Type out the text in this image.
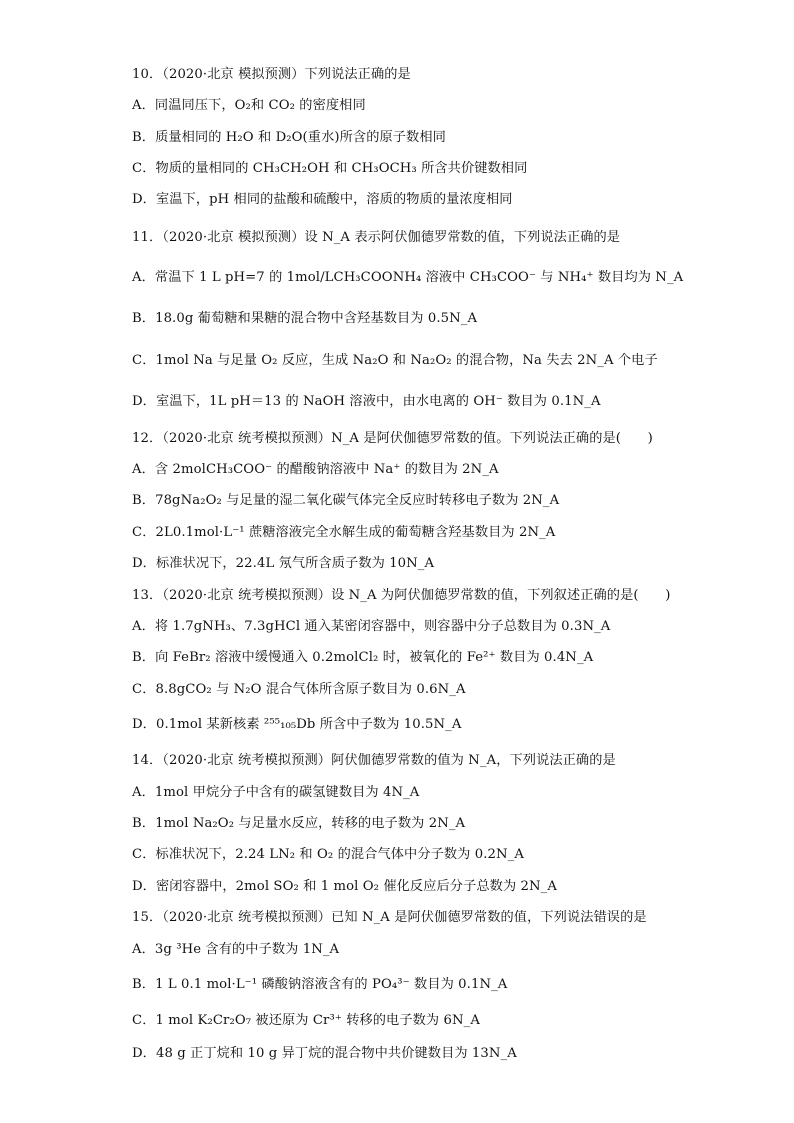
10．（2020·北京 模拟预测）下列说法正确的是
A．同温同压下，O₂和 CO₂ 的密度相同
B．质量相同的 H₂O 和 D₂O(重水)所含的原子数相同
C．物质的量相同的 CH₃CH₂OH 和 CH₃OCH₃ 所含共价键数相同
D．室温下，pH 相同的盐酸和硫酸中，溶质的物质的量浓度相同
11．（2020·北京 模拟预测）设 N_A 表示阿伏伽德罗常数的值，下列说法正确的是
A．常温下 1 L pH=7 的 1mol/LCH₃COONH₄ 溶液中 CH₃COO⁻ 与 NH₄⁺ 数目均为 N_A
B．18.0g 葡萄糖和果糖的混合物中含羟基数目为 0.5N_A
C．1mol Na 与足量 O₂ 反应，生成 Na₂O 和 Na₂O₂ 的混合物，Na 失去 2N_A 个电子
D．室温下，1L pH＝13 的 NaOH 溶液中，由水电离的 OH⁻ 数目为 0.1N_A
12．（2020·北京 统考模拟预测）N_A 是阿伏伽德罗常数的值。下列说法正确的是(　　)
A．含 2molCH₃COO⁻ 的醋酸钠溶液中 Na⁺ 的数目为 2N_A
B．78gNa₂O₂ 与足量的湿二氧化碳气体完全反应时转移电子数为 2N_A
C．2L0.1mol·L⁻¹ 蔗糖溶液完全水解生成的葡萄糖含羟基数目为 2N_A
D．标准状况下，22.4L 氖气所含质子数为 10N_A
13．（2020·北京 统考模拟预测）设 N_A 为阿伏伽德罗常数的值，下列叙述正确的是(　　)
A．将 1.7gNH₃、7.3gHCl 通入某密闭容器中，则容器中分子总数目为 0.3N_A
B．向 FeBr₂ 溶液中缓慢通入 0.2molCl₂ 时，被氧化的 Fe²⁺ 数目为 0.4N_A
C．8.8gCO₂ 与 N₂O 混合气体所含原子数目为 0.6N_A
D．0.1mol 某新核素 ²⁵⁵₁₀₅Db 所含中子数为 10.5N_A
14．（2020·北京 统考模拟预测）阿伏伽德罗常数的值为 N_A，下列说法正确的是
A．1mol 甲烷分子中含有的碳氢键数目为 4N_A
B．1mol Na₂O₂ 与足量水反应，转移的电子数为 2N_A
C．标准状况下，2.24 LN₂ 和 O₂ 的混合气体中分子数为 0.2N_A
D．密闭容器中，2mol SO₂ 和 1 mol O₂ 催化反应后分子总数为 2N_A
15．（2020·北京 统考模拟预测）已知 N_A 是阿伏伽德罗常数的值，下列说法错误的是
A．3g ³He 含有的中子数为 1N_A
B．1 L 0.1 mol·L⁻¹ 磷酸钠溶液含有的 PO₄³⁻ 数目为 0.1N_A
C．1 mol K₂Cr₂O₇ 被还原为 Cr³⁺ 转移的电子数为 6N_A
D．48 g 正丁烷和 10 g 异丁烷的混合物中共价键数目为 13N_A
